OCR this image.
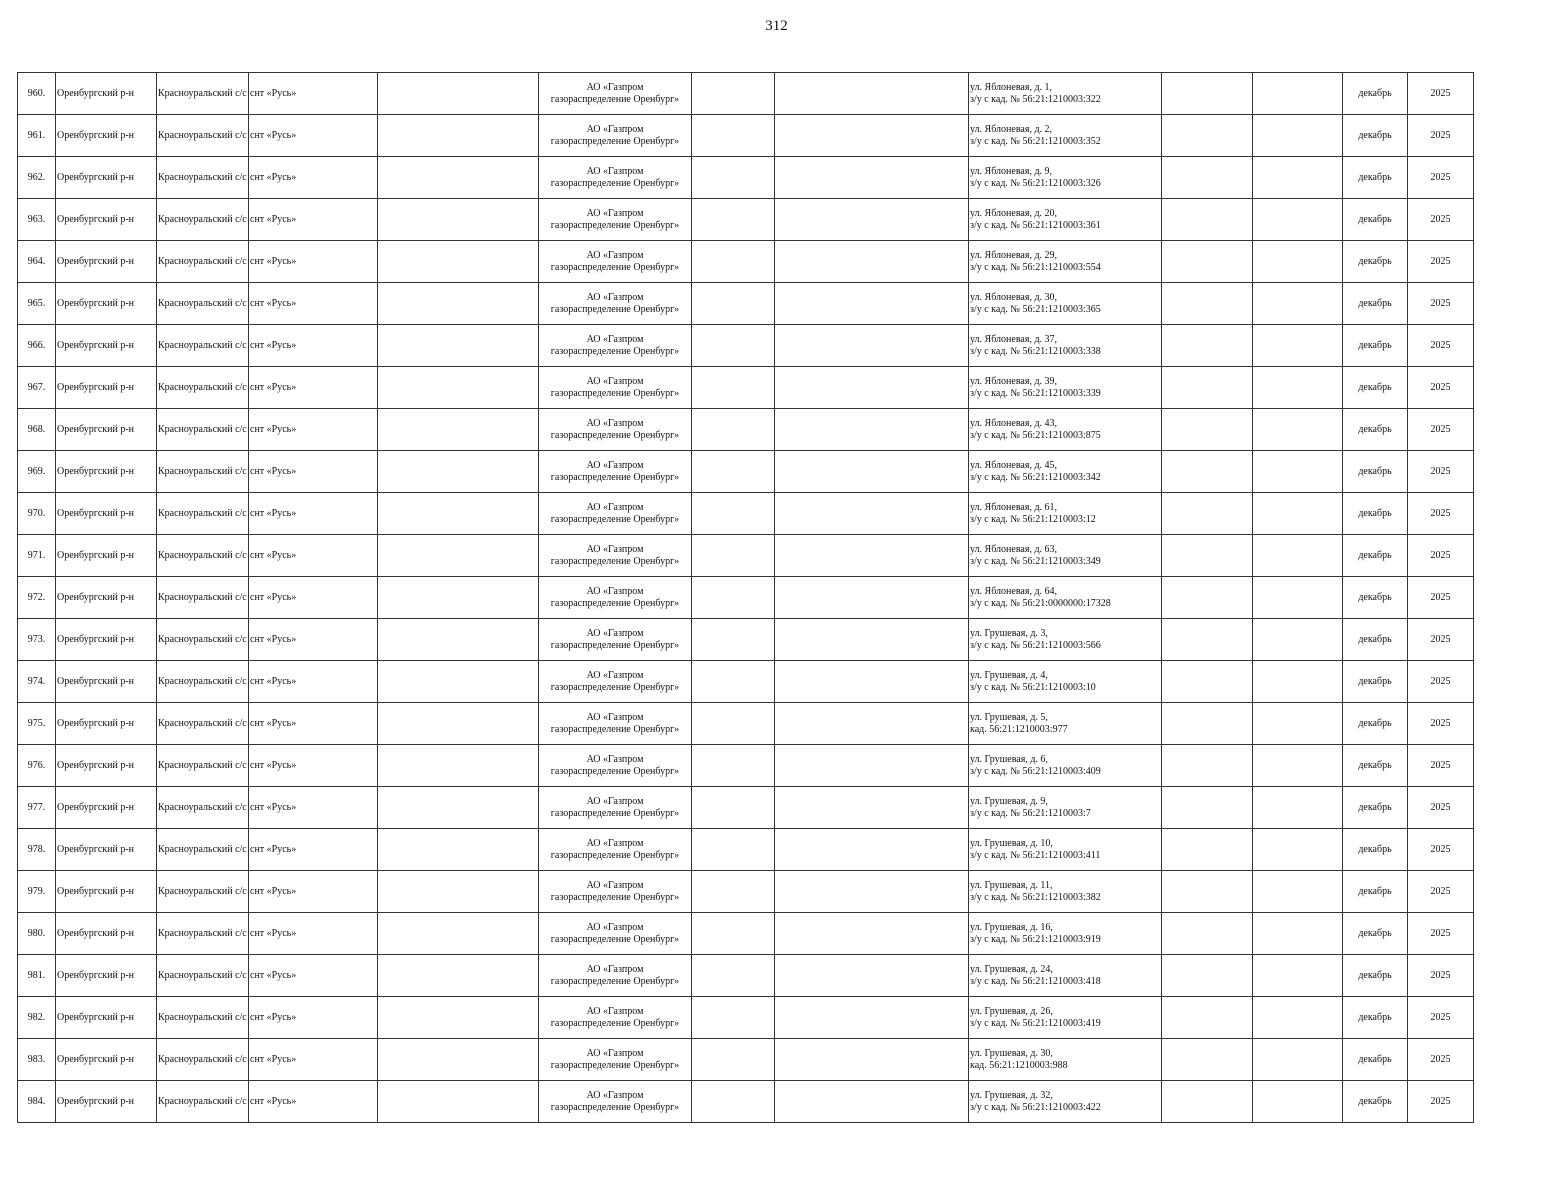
312
960.	Оренбургский р-н	Красноуральский с/с	снт «Русь»		АО «Газпром
газораспределение Оренбург»			ул. Яблоневая, д. 1,
з/у с кад. № 56:21:1210003:322			декабрь	2025
961.	Оренбургский р-н	Красноуральский с/с	снт «Русь»		АО «Газпром
газораспределение Оренбург»			ул. Яблоневая, д. 2,
з/у с кад. № 56:21:1210003:352			декабрь	2025
962.	Оренбургский р-н	Красноуральский с/с	снт «Русь»		АО «Газпром
газораспределение Оренбург»			ул. Яблоневая, д. 9,
з/у с кад. № 56:21:1210003:326			декабрь	2025
963.	Оренбургский р-н	Красноуральский с/с	снт «Русь»		АО «Газпром
газораспределение Оренбург»			ул. Яблоневая, д. 20,
з/у с кад. № 56:21:1210003:361			декабрь	2025
964.	Оренбургский р-н	Красноуральский с/с	снт «Русь»		АО «Газпром
газораспределение Оренбург»			ул. Яблоневая, д. 29,
з/у с кад. № 56:21:1210003:554			декабрь	2025
965.	Оренбургский р-н	Красноуральский с/с	снт «Русь»		АО «Газпром
газораспределение Оренбург»			ул. Яблоневая, д. 30,
з/у с кад. № 56:21:1210003:365			декабрь	2025
966.	Оренбургский р-н	Красноуральский с/с	снт «Русь»		АО «Газпром
газораспределение Оренбург»			ул. Яблоневая, д. 37,
з/у с кад. № 56:21:1210003:338			декабрь	2025
967.	Оренбургский р-н	Красноуральский с/с	снт «Русь»		АО «Газпром
газораспределение Оренбург»			ул. Яблоневая, д. 39,
з/у с кад. № 56:21:1210003:339			декабрь	2025
968.	Оренбургский р-н	Красноуральский с/с	снт «Русь»		АО «Газпром
газораспределение Оренбург»			ул. Яблоневая, д. 43,
з/у с кад. № 56:21:1210003:875			декабрь	2025
969.	Оренбургский р-н	Красноуральский с/с	снт «Русь»		АО «Газпром
газораспределение Оренбург»			ул. Яблоневая, д. 45,
з/у с кад. № 56:21:1210003:342			декабрь	2025
970.	Оренбургский р-н	Красноуральский с/с	снт «Русь»		АО «Газпром
газораспределение Оренбург»			ул. Яблоневая, д. 61,
з/у с кад. № 56:21:1210003:12			декабрь	2025
971.	Оренбургский р-н	Красноуральский с/с	снт «Русь»		АО «Газпром
газораспределение Оренбург»			ул. Яблоневая, д. 63,
з/у с кад. № 56:21:1210003:349			декабрь	2025
972.	Оренбургский р-н	Красноуральский с/с	снт «Русь»		АО «Газпром
газораспределение Оренбург»			ул. Яблоневая, д. 64,
з/у с кад. № 56:21:0000000:17328			декабрь	2025
973.	Оренбургский р-н	Красноуральский с/с	снт «Русь»		АО «Газпром
газораспределение Оренбург»			ул. Грушевая, д. 3,
з/у с кад. № 56:21:1210003:566			декабрь	2025
974.	Оренбургский р-н	Красноуральский с/с	снт «Русь»		АО «Газпром
газораспределение Оренбург»			ул. Грушевая, д. 4,
з/у с кад. № 56:21:1210003:10			декабрь	2025
975.	Оренбургский р-н	Красноуральский с/с	снт «Русь»		АО «Газпром
газораспределение Оренбург»			ул. Грушевая, д. 5,
кад. 56:21:1210003:977			декабрь	2025
976.	Оренбургский р-н	Красноуральский с/с	снт «Русь»		АО «Газпром
газораспределение Оренбург»			ул. Грушевая, д. 6,
з/у с кад. № 56:21:1210003:409			декабрь	2025
977.	Оренбургский р-н	Красноуральский с/с	снт «Русь»		АО «Газпром
газораспределение Оренбург»			ул. Грушевая, д. 9,
з/у с кад. № 56:21:1210003:7			декабрь	2025
978.	Оренбургский р-н	Красноуральский с/с	снт «Русь»		АО «Газпром
газораспределение Оренбург»			ул. Грушевая, д. 10,
з/у с кад. № 56:21:1210003:411			декабрь	2025
979.	Оренбургский р-н	Красноуральский с/с	снт «Русь»		АО «Газпром
газораспределение Оренбург»			ул. Грушевая, д. 11,
з/у с кад. № 56:21:1210003:382			декабрь	2025
980.	Оренбургский р-н	Красноуральский с/с	снт «Русь»		АО «Газпром
газораспределение Оренбург»			ул. Грушевая, д. 16,
з/у с кад. № 56:21:1210003:919			декабрь	2025
981.	Оренбургский р-н	Красноуральский с/с	снт «Русь»		АО «Газпром
газораспределение Оренбург»			ул. Грушевая, д. 24,
з/у с кад. № 56:21:1210003:418			декабрь	2025
982.	Оренбургский р-н	Красноуральский с/с	снт «Русь»		АО «Газпром
газораспределение Оренбург»			ул. Грушевая, д. 26,
з/у с кад. № 56:21:1210003:419			декабрь	2025
983.	Оренбургский р-н	Красноуральский с/с	снт «Русь»		АО «Газпром
газораспределение Оренбург»			ул. Грушевая, д. 30,
кад. 56:21:1210003:988			декабрь	2025
984.	Оренбургский р-н	Красноуральский с/с	снт «Русь»		АО «Газпром
газораспределение Оренбург»			ул. Грушевая, д. 32,
з/у с кад. № 56:21:1210003:422			декабрь	2025
